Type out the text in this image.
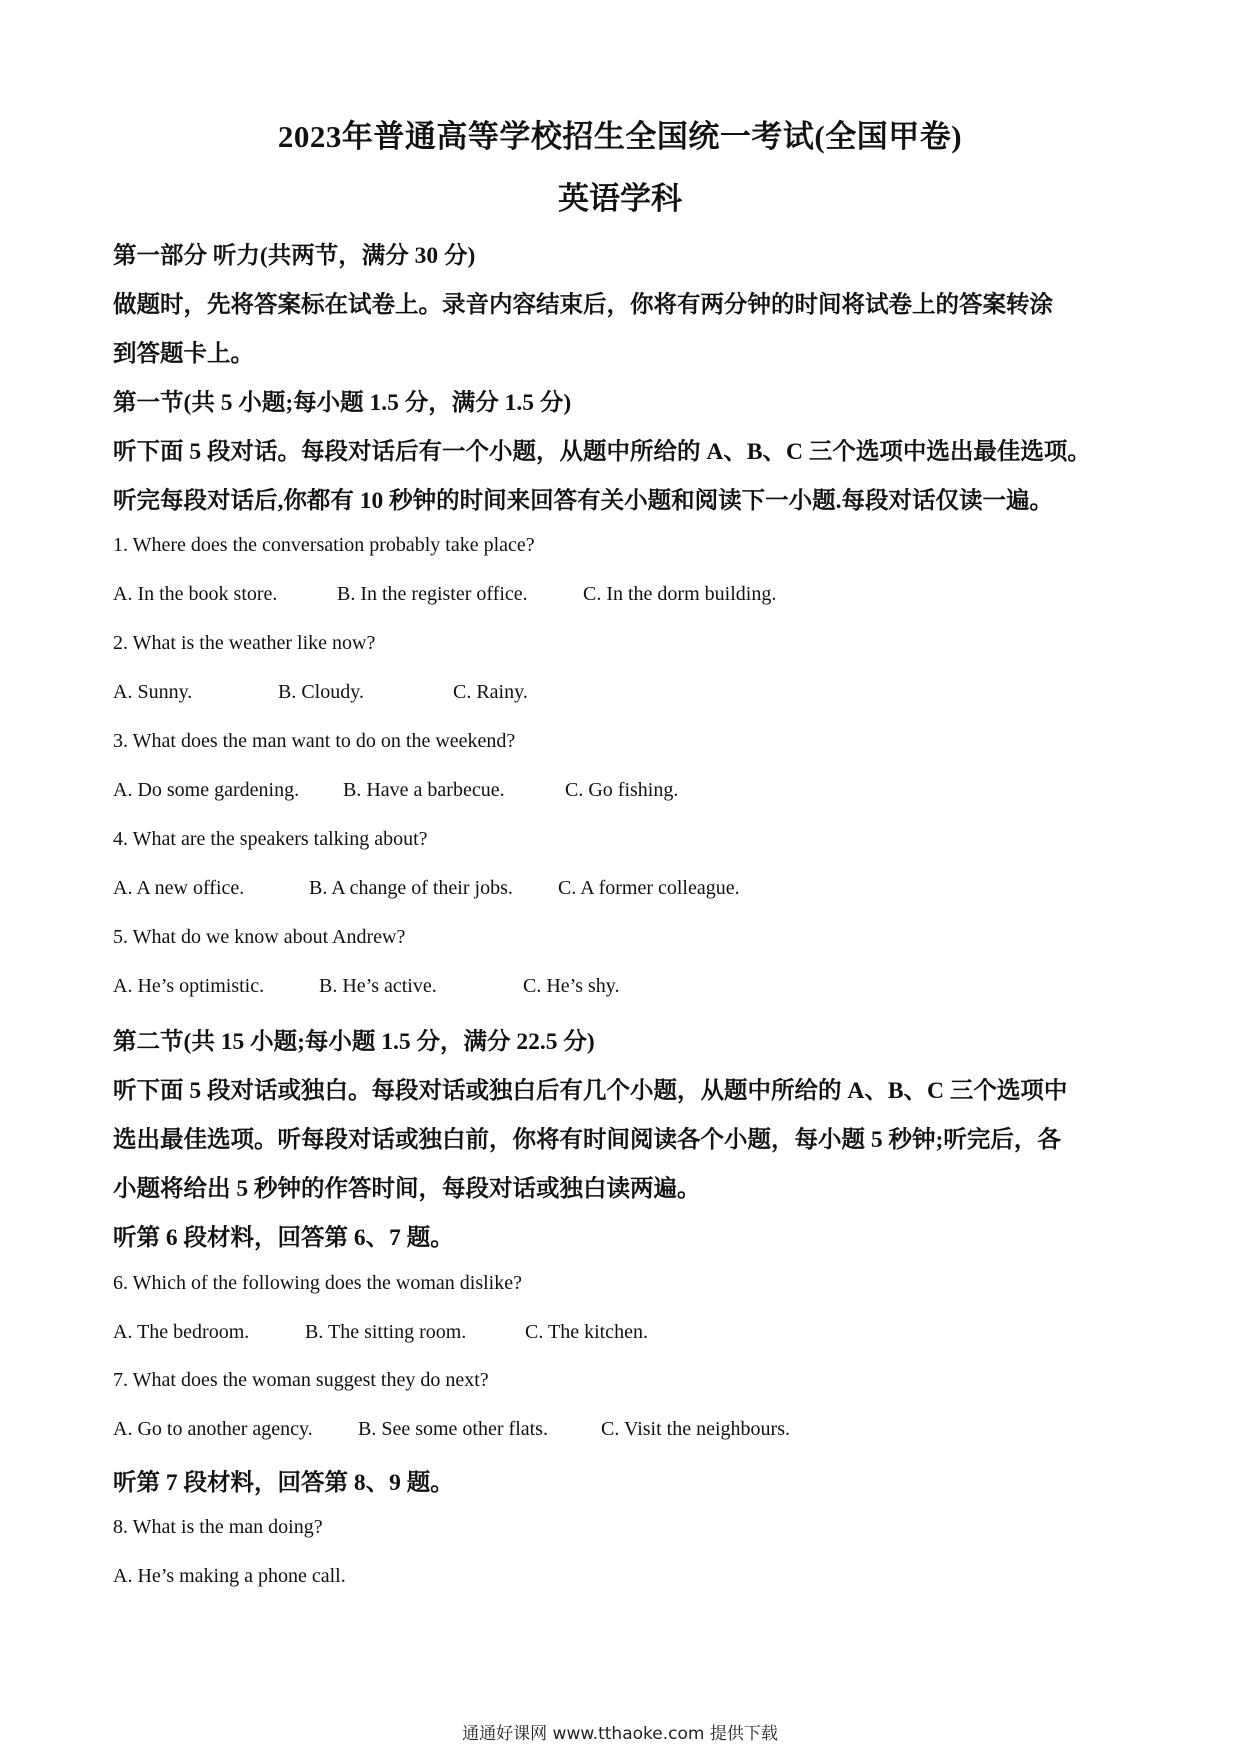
2023年普通高等学校招生全国统一考试(全国甲卷)
英语学科
第一部分 听力(共两节，满分 30 分)
做题时，先将答案标在试卷上。录音内容结束后，你将有两分钟的时间将试卷上的答案转涂
到答题卡上。
第一节(共 5 小题;每小题 1.5 分，满分 1.5 分)
听下面 5 段对话。每段对话后有一个小题，从题中所给的 A、B、C 三个选项中选出最佳选项。
听完每段对话后,你都有 10 秒钟的时间来回答有关小题和阅读下一小题.每段对话仅读一遍。
1. Where does the conversation probably take place?
A. In the book store.	B. In the register office.	C. In the dorm building.
2. What is the weather like now?
A. Sunny.	B. Cloudy.	C. Rainy.
3. What does the man want to do on the weekend?
A. Do some gardening. B. Have a barbecue.	C. Go fishing.
4. What are the speakers talking about?
A. A new office.	B. A change of their jobs. C. A former colleague.
5. What do we know about Andrew?
A. He’s optimistic.	B. He’s active.	C. He’s shy.
第二节(共 15 小题;每小题 1.5 分，满分 22.5 分)
听下面 5 段对话或独白。每段对话或独白后有几个小题，从题中所给的 A、B、C 三个选项中
选出最佳选项。听每段对话或独白前，你将有时间阅读各个小题，每小题 5 秒钟;听完后，各
小题将给出 5 秒钟的作答时间，每段对话或独白读两遍。
听第 6 段材料，回答第 6、7 题。
6. Which of the following does the woman dislike?
A. The bedroom.	B. The sitting room.	C. The kitchen.
7. What does the woman suggest they do next?
A. Go to another agency. B. See some other flats.	C. Visit the neighbours.
听第 7 段材料，回答第 8、9 题。
8. What is the man doing?
A. He’s making a phone call.
通通好课网 www.tthaoke.com 提供下载
